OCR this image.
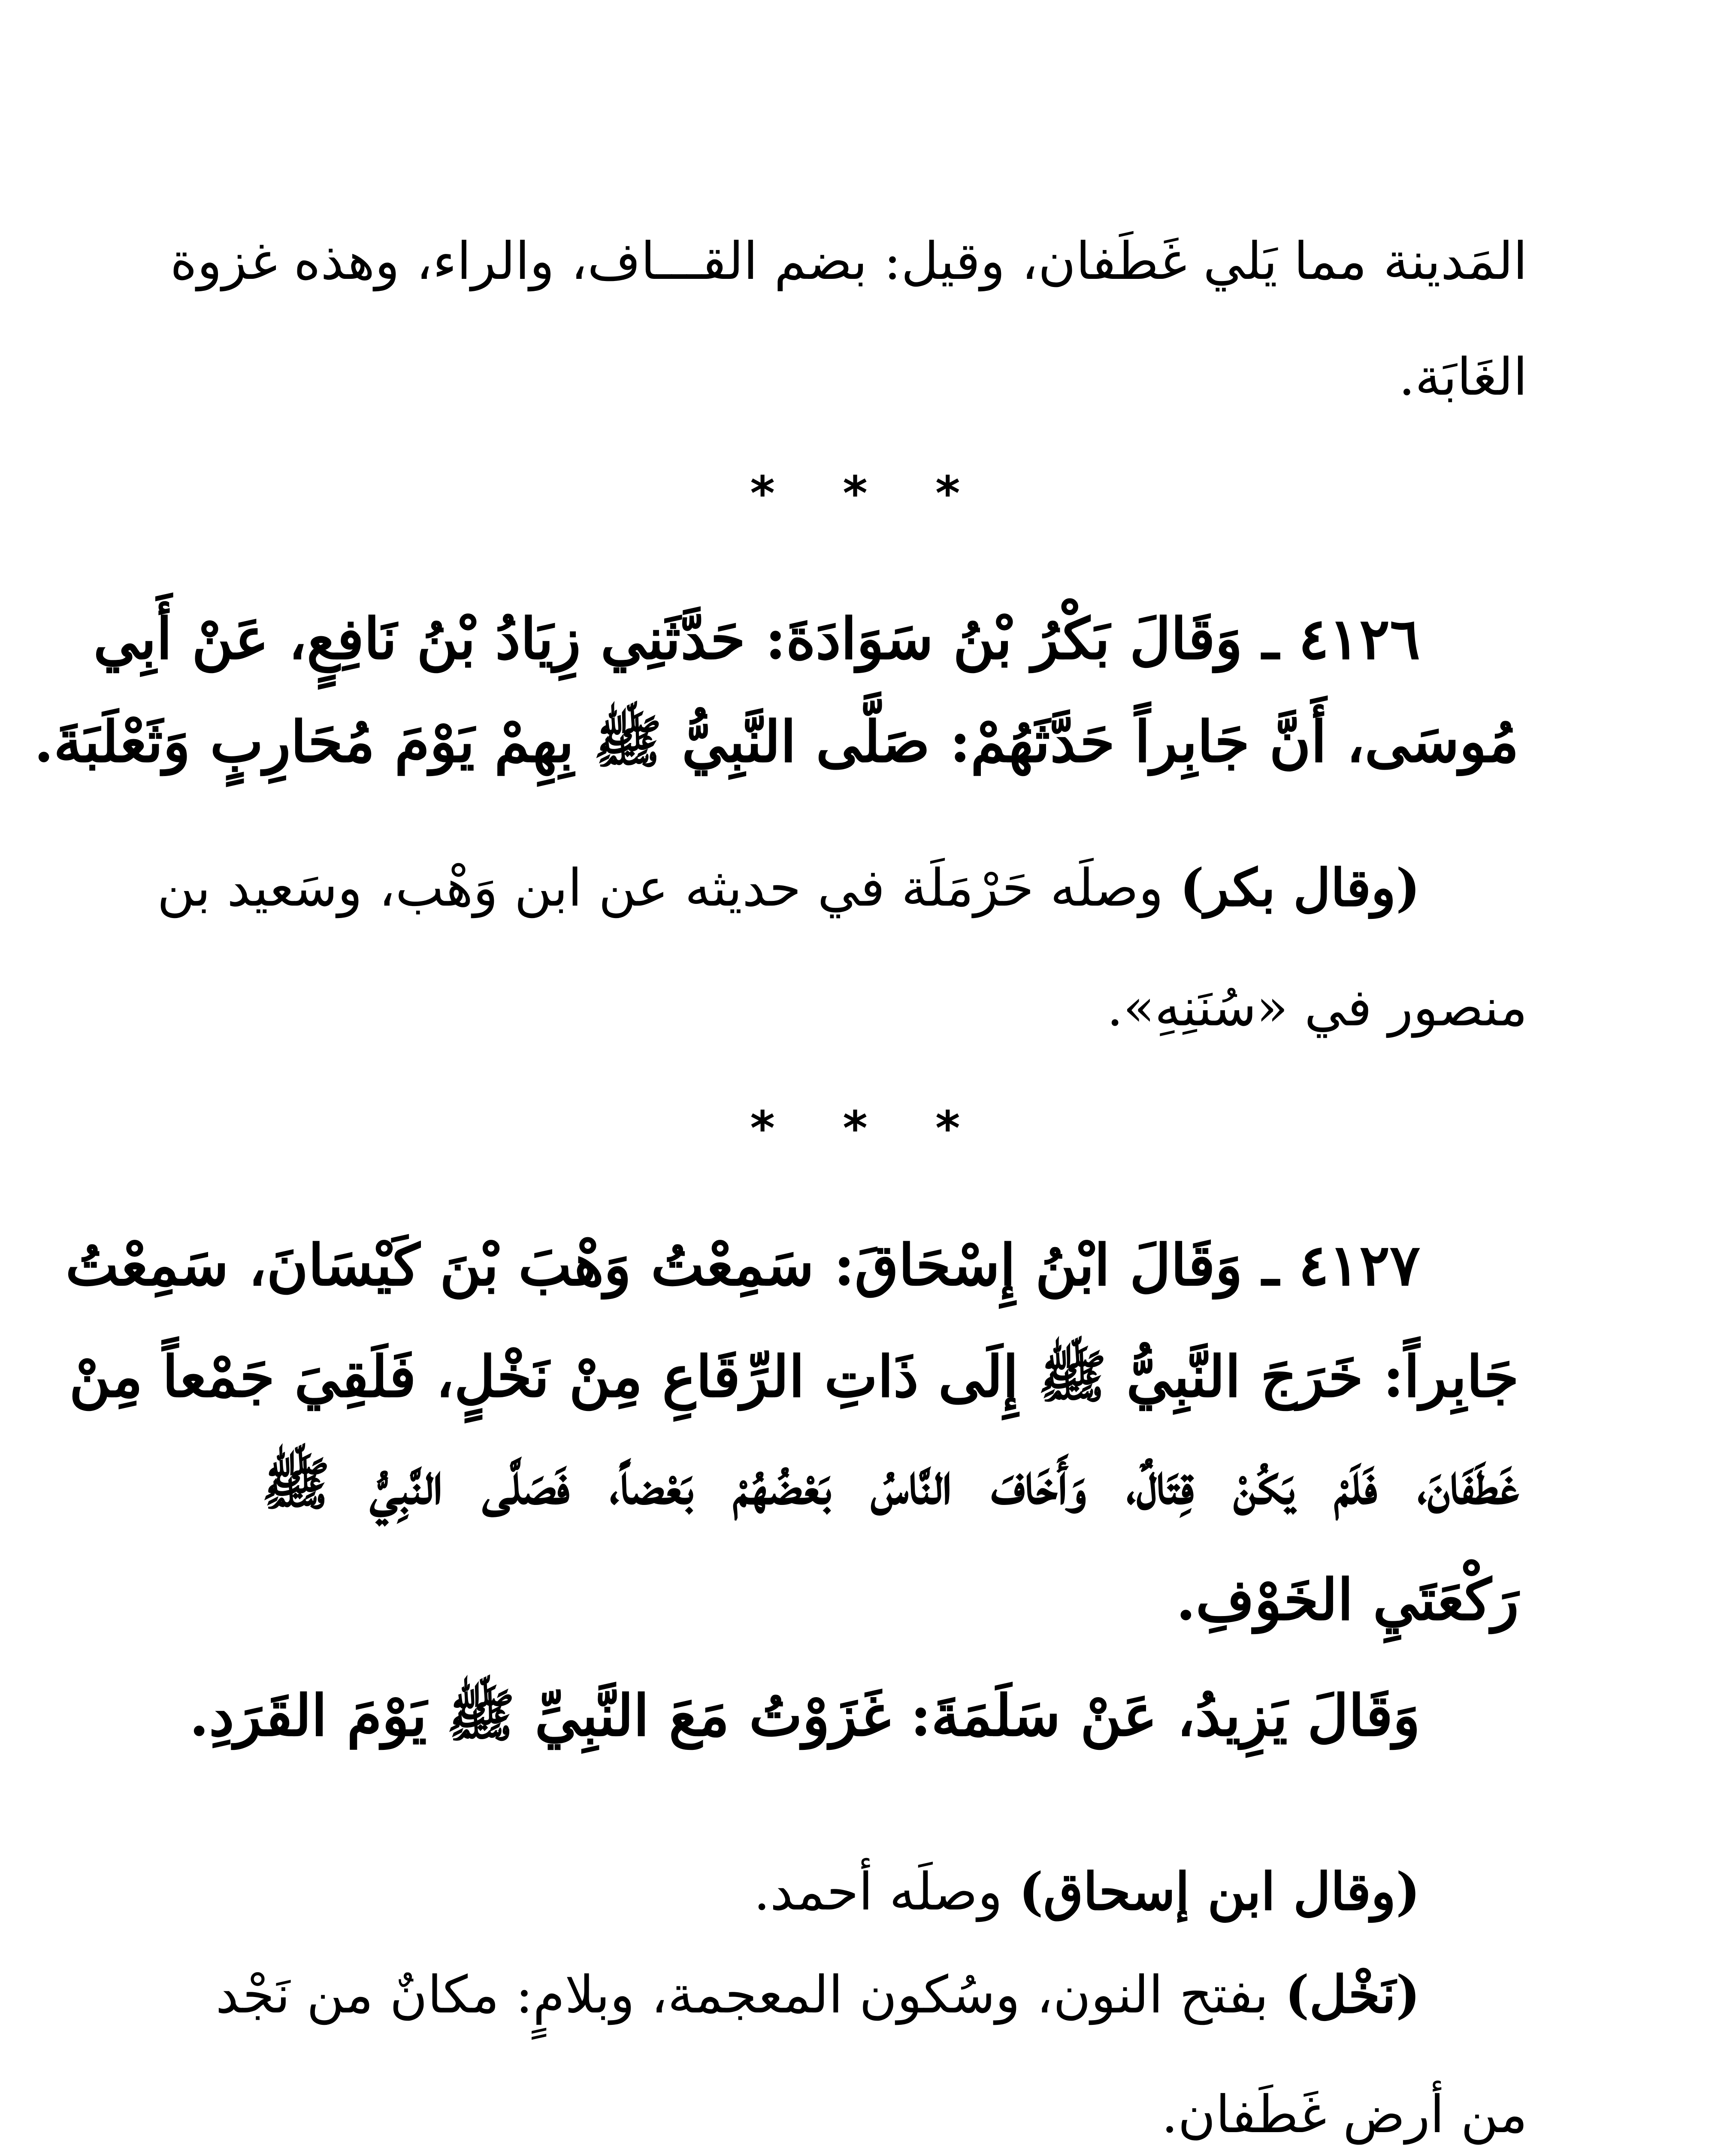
المَدينة مما يَلي غَطَفان، وقيل: بضم القـــاف، والراء، وهذه غزوة
الغَابَة.
* * *
٤١٢٦ ـ وَقَالَ بَكْرُ بْنُ سَوَادَةَ: حَدَّثَنِي زِيَادُ بْنُ نَافِعٍ، عَنْ أَبِي
مُوسَى، أَنَّ جَابِراً حَدَّثَهُمْ: صَلَّى النَّبِيُّ ﷺ بِهِمْ يَوْمَ مُحَارِبٍ وَثَعْلَبَةَ.
(وقال بكر) وصلَه حَرْمَلَة في حديثه عن ابن وَهْب، وسَعيد بن
منصور في «سُنَنِهِ».
* * *
٤١٢٧ ـ وَقَالَ ابْنُ إِسْحَاقَ: سَمِعْتُ وَهْبَ بْنَ كَيْسَانَ، سَمِعْتُ
جَابِراً: خَرَجَ النَّبِيُّ ﷺ إِلَى ذَاتِ الرِّقَاعِ مِنْ نَخْلٍ، فَلَقِيَ جَمْعاً مِنْ
غَطَفَانَ، فَلَمْ يَكُنْ قِتَالٌ، وَأَخَافَ النَّاسُ بَعْضُهُمْ بَعْضاً، فَصَلَّى النَّبِيُّ ﷺ
رَكْعَتَيِ الخَوْفِ.
وَقَالَ يَزِيدُ، عَنْ سَلَمَةَ: غَزَوْتُ مَعَ النَّبِيِّ ﷺ يَوْمَ القَرَدِ.
(وقال ابن إسحاق) وصلَه أحمد.
(نَخْل) بفتح النون، وسُكون المعجمة، وبلامٍ: مكانٌ من نَجْد
من أرضِ غَطَفان.
